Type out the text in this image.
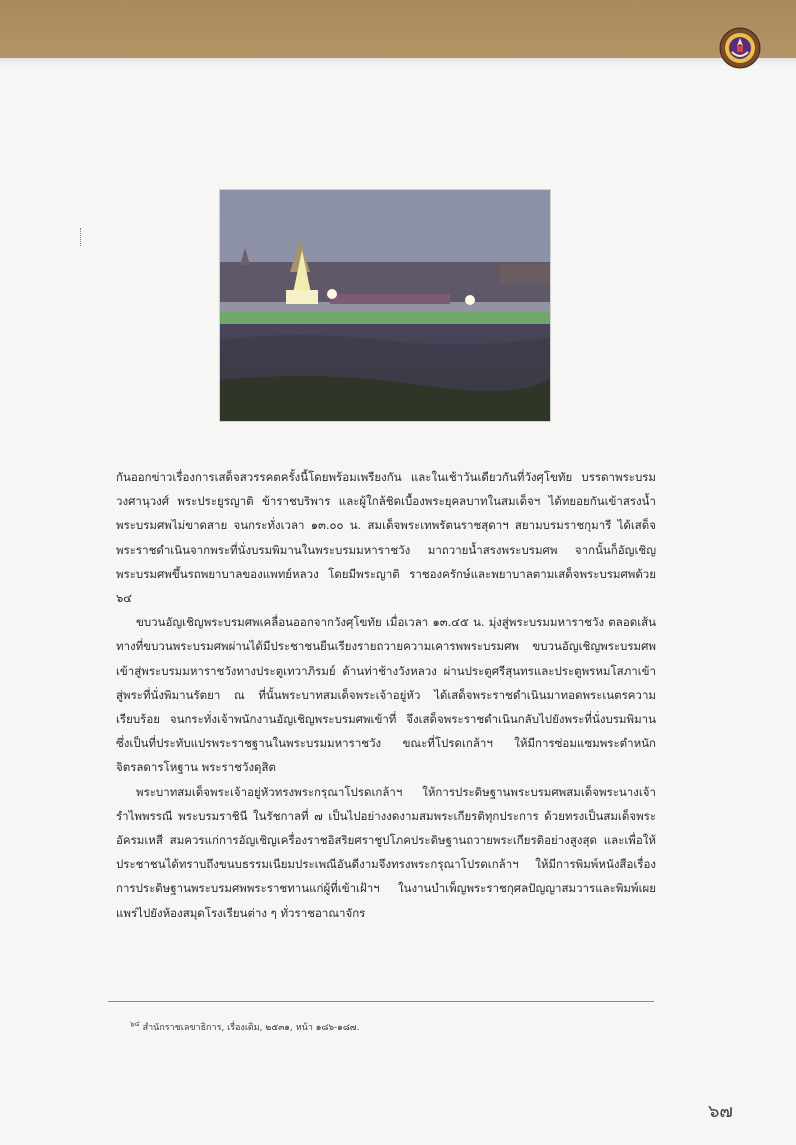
กันออกข่าวเรื่องการเสด็จสวรรคตครั้งนี้โดยพร้อมเพรียงกัน และในเช้าวันเดียวกันที่วังศุโขทัย บรรดาพระบรมวงศานุวงศ์ พระประยูรญาติ ข้าราชบริพาร และผู้ใกล้ชิดเบื้องพระยุคลบาทในสมเด็จฯ ได้ทยอยกันเข้าสรงน้ำพระบรมศพไม่ขาดสาย จนกระทั่งเวลา ๑๓.๐๐ น. สมเด็จพระเทพรัตนราชสุดาฯ สยามบรมราชกุมารี ได้เสด็จพระราชดำเนินจากพระที่นั่งบรมพิมานในพระบรมมหาราชวัง มาถวายน้ำสรงพระบรมศพ จากนั้นก็อัญเชิญพระบรมศพขึ้นรถพยาบาลของแพทย์หลวง โดยมีพระญาติ ราชองครักษ์และพยาบาลตามเสด็จพระบรมศพด้วย ๖๔

ขบวนอัญเชิญพระบรมศพเคลื่อนออกจากวังศุโขทัย เมื่อเวลา ๑๓.๔๕ น. มุ่งสู่พระบรมมหาราชวัง ตลอดเส้นทางที่ขบวนพระบรมศพผ่านได้มีประชาชนยืนเรียงรายถวายความเคารพพระบรมศพ ขบวนอัญเชิญพระบรมศพเข้าสู่พระบรมมหาราชวังทางประตูเทวาภิรมย์ ด้านท่าช้างวังหลวง ผ่านประตูศรีสุนทรและประตูพรหมโสภาเข้าสู่พระที่นั่งพิมานรัตยา ณ ที่นั้นพระบาทสมเด็จพระเจ้าอยู่หัว ได้เสด็จพระราชดำเนินมาทอดพระเนตรความเรียบร้อย จนกระทั่งเจ้าพนักงานอัญเชิญพระบรมศพเข้าที่ จึงเสด็จพระราชดำเนินกลับไปยังพระที่นั่งบรมพิมาน ซึ่งเป็นที่ประทับแปรพระราชฐานในพระบรมมหาราชวัง ขณะที่โปรดเกล้าฯ ให้มีการซ่อมแซมพระตำหนักจิตรลดารโหฐาน พระราชวังดุสิต

พระบาทสมเด็จพระเจ้าอยู่หัวทรงพระกรุณาโปรดเกล้าฯ ให้การประดิษฐานพระบรมศพสมเด็จพระนางเจ้ารำไพพรรณี พระบรมราชินี ในรัชกาลที่ ๗ เป็นไปอย่างงดงามสมพระเกียรติทุกประการ ด้วยทรงเป็นสมเด็จพระอัครมเหสี สมควรแก่การอัญเชิญเครื่องราชอิสริยศราชูปโภคประดิษฐานถวายพระเกียรติอย่างสูงสุด และเพื่อให้ประชาชนได้ทราบถึงขนบธรรมเนียมประเพณีอันดีงามจึงทรงพระกรุณาโปรดเกล้าฯ ให้มีการพิมพ์หนังสือเรื่องการประดิษฐานพระบรมศพพระราชทานแก่ผู้ที่เข้าเฝ้าฯ ในงานบำเพ็ญพระราชกุศลปัญญาสมวารและพิมพ์เผยแพร่ไปยังห้องสมุดโรงเรียนต่าง ๆ ทั่วราชอาณาจักร

$^{๖๔}$ สำนักราชเลขาธิการ, เรื่องเดิม, ๒๕๓๑, หน้า ๑๘๖-๑๘๗.
๖๗
